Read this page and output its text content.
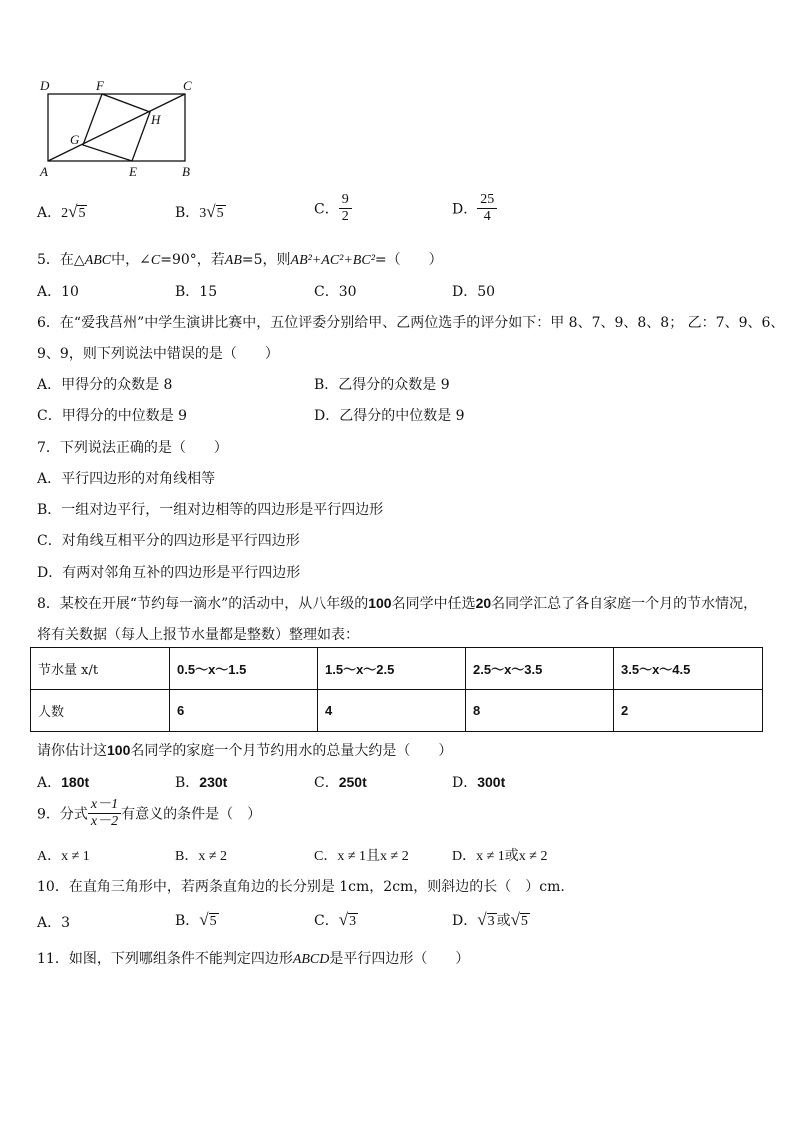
D	F	C
G
H
A	E	B
A．2√5	B．3√5	C． $\frac{9}{2}$	D． $\frac{25}{4}$
5．在△ABC中，∠C=90°，若AB=5，则AB²+AC²+BC²=（　　）
A．10	B．15	C．30	D．50
6．在“爱我莒州”中学生演讲比赛中，五位评委分别给甲、乙两位选手的评分如下：甲 8、7、9、8、8； 乙：7、9、6、
9、9，则下列说法中错误的是（　　）
A．甲得分的众数是 8	B．乙得分的众数是 9
C．甲得分的中位数是 9	D．乙得分的中位数是 9
7．下列说法正确的是（　　）
A．平行四边形的对角线相等
B．一组对边平行，一组对边相等的四边形是平行四边形
C．对角线互相平分的四边形是平行四边形
D．有两对邻角互补的四边形是平行四边形
8．某校在开展“节约每一滴水”的活动中，从八年级的100名同学中任选20名同学汇总了各自家庭一个月的节水情况，
将有关数据（每人上报节水量都是整数）整理如表：
节水量 x/t	0.5～x～1.5	1.5～x～2.5	2.5～x～3.5	3.5～x～4.5
人数	6	4	8	2
请你估计这100名同学的家庭一个月节约用水的总量大约是（　　）
A．180t	B．230t	C．250t	D．300t
9．分式 $\frac{x-1}{x-2}$ 有意义的条件是（　）
A．x ≠ 1	B．x ≠ 2	C．x ≠ 1且x ≠ 2	D．x ≠ 1或x ≠ 2
10．在直角三角形中，若两条直角边的长分别是 1cm，2cm，则斜边的长（　）cm.
A．3	B．√5	C．√3	D．√3 或√5
11．如图，下列哪组条件不能判定四边形ABCD是平行四边形（　　）
